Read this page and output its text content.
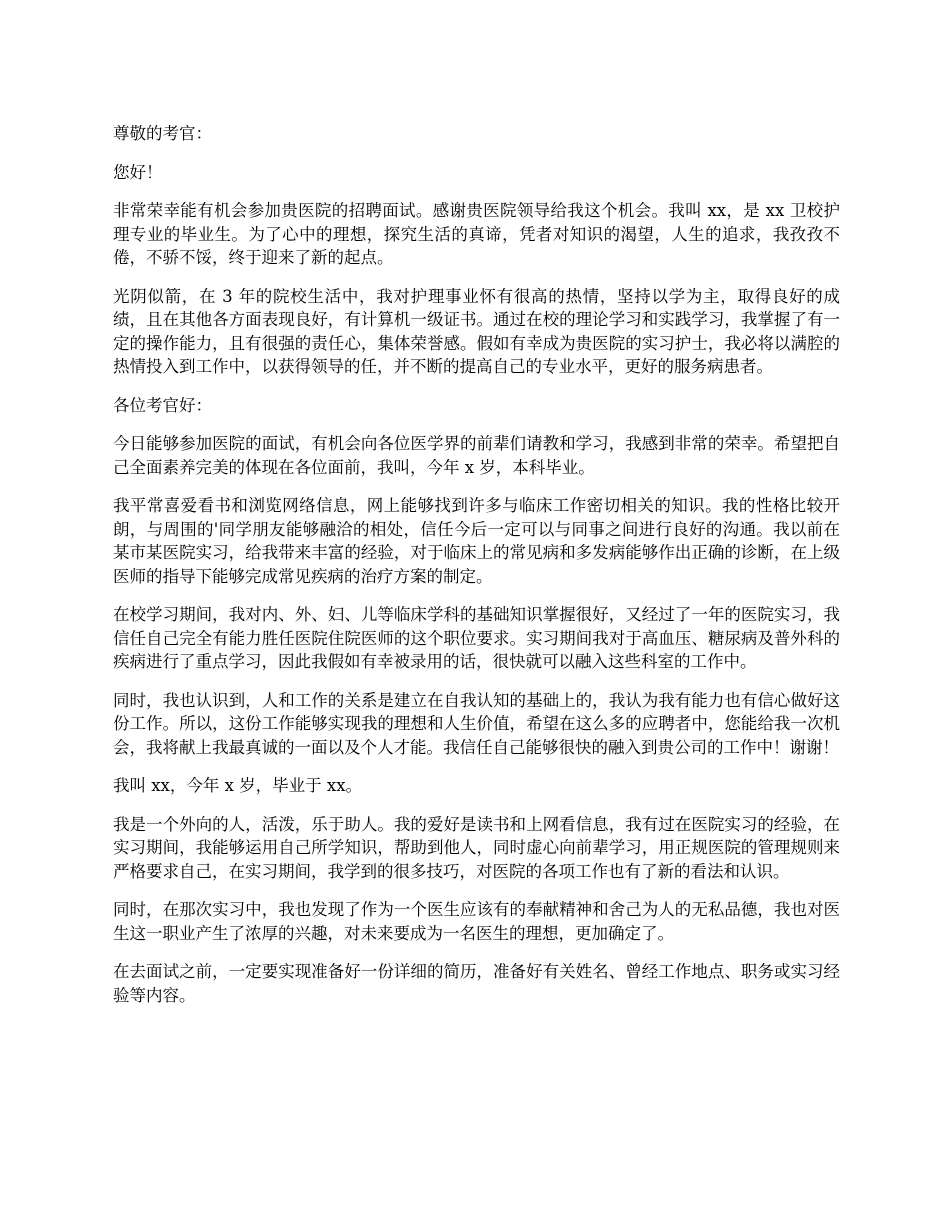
尊敬的考官：

您好！

非常荣幸能有机会参加贵医院的招聘面试。感谢贵医院领导给我这个机会。我叫 xx，是 xx 卫校护理专业的毕业生。为了心中的理想，探究生活的真谛，凭者对知识的渴望，人生的追求，我孜孜不倦，不骄不馁，终于迎来了新的起点。

光阴似箭，在 3 年的院校生活中，我对护理事业怀有很高的热情，坚持以学为主，取得良好的成绩，且在其他各方面表现良好，有计算机一级证书。通过在校的理论学习和实践学习，我掌握了有一定的操作能力，且有很强的责任心，集体荣誉感。假如有幸成为贵医院的实习护士，我必将以满腔的热情投入到工作中，以获得领导的任，并不断的提高自己的专业水平，更好的服务病患者。

各位考官好：

今日能够参加医院的面试，有机会向各位医学界的前辈们请教和学习，我感到非常的荣幸。希望把自己全面素养完美的体现在各位面前，我叫，今年 x 岁，本科毕业。

我平常喜爱看书和浏览网络信息，网上能够找到许多与临床工作密切相关的知识。我的性格比较开朗，与周围的'同学朋友能够融洽的相处，信任今后一定可以与同事之间进行良好的沟通。我以前在某市某医院实习，给我带来丰富的经验，对于临床上的常见病和多发病能够作出正确的诊断，在上级医师的指导下能够完成常见疾病的治疗方案的制定。

在校学习期间，我对内、外、妇、儿等临床学科的基础知识掌握很好，又经过了一年的医院实习，我信任自己完全有能力胜任医院住院医师的这个职位要求。实习期间我对于高血压、糖尿病及普外科的疾病进行了重点学习，因此我假如有幸被录用的话，很快就可以融入这些科室的工作中。

同时，我也认识到，人和工作的关系是建立在自我认知的基础上的，我认为我有能力也有信心做好这份工作。所以，这份工作能够实现我的理想和人生价值，希望在这么多的应聘者中，您能给我一次机会，我将献上我最真诚的一面以及个人才能。我信任自己能够很快的融入到贵公司的工作中！谢谢！

我叫 xx，今年 x 岁，毕业于 xx。

我是一个外向的人，活泼，乐于助人。我的爱好是读书和上网看信息，我有过在医院实习的经验，在实习期间，我能够运用自己所学知识，帮助到他人，同时虚心向前辈学习，用正规医院的管理规则来严格要求自己，在实习期间，我学到的很多技巧，对医院的各项工作也有了新的看法和认识。

同时，在那次实习中，我也发现了作为一个医生应该有的奉献精神和舍己为人的无私品德，我也对医生这一职业产生了浓厚的兴趣，对未来要成为一名医生的理想，更加确定了。

在去面试之前，一定要实现准备好一份详细的简历，准备好有关姓名、曾经工作地点、职务或实习经验等内容。
